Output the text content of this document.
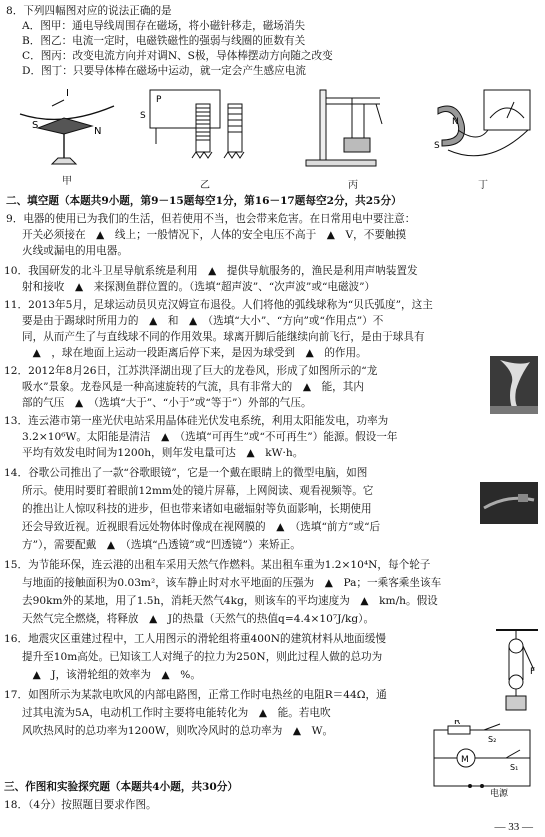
8．下列四幅图对应的说法正确的是
A．图甲：通电导线周围存在磁场，将小磁针移走，磁场消失
B．图乙：电流一定时，电磁铁磁性的强弱与线圈的匝数有关
C．图丙：改变电流方向并对调N、S极，导体棒摆动方向随之改变
D．图丁：只要导体棒在磁场中运动，就一定会产生感应电流
I
S
N
甲
P
S
乙	丙
N
S
丁
二、填空题（本题共9小题，第9－15题每空1分，第16－17题每空2分，共25分）
9．电器的使用已为我们的生活，但若使用不当，也会带来危害。在日常用电中要注意：
开关必须接在　▲　线上；一般情况下，人体的安全电压不高于　▲　V，不要触摸
火线或漏电的用电器。
10．我国研发的北斗卫星导航系统是利用　▲　提供导航服务的，渔民是利用声呐装置发
射和接收　▲　来探测鱼群位置的。（选填“超声波”、“次声波”或“电磁波”）
11．2013年5月，足球运动员贝克汉姆宣布退役。人们将他的弧线球称为“贝氏弧度”，这主
要是由于踢球时所用力的　▲　和　▲　（选填“大小”、“方向”或“作用点”）不
同，从而产生了与直线球不同的作用效果。球离开脚后能继续向前飞行，是由于球具有
　▲　，球在地面上运动一段距离后停下来，是因为球受到　▲　的作用。
12．2012年8月26日，江苏洪泽湖出现了巨大的龙卷风，形成了如图所示的“龙
吸水”景象。龙卷风是一种高速旋转的气流，具有非常大的　▲　能，其内
部的气压　▲　（选填“大于”、“小于”或“等于”）外部的气压。
13．连云港市第一座光伏电站采用晶体硅光伏发电系统，利用太阳能发电，功率为
3.2×10⁶W。太阳能是清洁　▲　（选填“可再生”或“不可再生”）能源。假设一年
平均有效发电时间为1200h，则年发电量可达　▲　kW·h。
14．谷歌公司推出了一款“谷歌眼镜”，它是一个戴在眼睛上的微型电脑，如图
所示。使用时要盯着眼前12mm处的镜片屏幕，上网阅读、观看视频等。它
的推出让人惊叹科技的进步，但也带来诸如电磁辐射等负面影响，长期使用
还会导致近视。近视眼看远处物体时像成在视网膜的　▲　（选填“前方”或“后
方”），需要配戴　▲　（选填“凸透镜”或“凹透镜”）来矫正。
15．为节能环保，连云港的出租车采用天然气作燃料。某出租车重为1.2×10⁴N，每个轮子
与地面的接触面积为0.03m²，该车静止时对水平地面的压强为　▲　Pa；一乘客乘坐该车
去90km外的某地，用了1.5h，消耗天然气4kg，则该车的平均速度为　▲　km/h。假设
天然气完全燃烧，将释放　▲　J的热量（天然气的热值q=4.4×10⁷J/kg）。
16．地震灾区重建过程中，工人用图示的滑轮组将重400N的建筑材料从地面缓慢
提升至10m高处。已知该工人对绳子的拉力为250N，则此过程人做的总功为
　▲　J，该滑轮组的效率为　▲　%。	F
17．如图所示为某款电吹风的内部电路图，正常工作时电热丝的电阻R＝44Ω，通
过其电流为5A，电动机工作时主要将电能转化为　▲　能。若电吹
风吹热风时的总功率为1200W，则吹冷风时的总功率为　▲　W。
R
S₂
M
S₁
电源
三、作图和实验探究题（本题共4小题，共30分）
18．（4分）按照题目要求作图。
— 33 —
